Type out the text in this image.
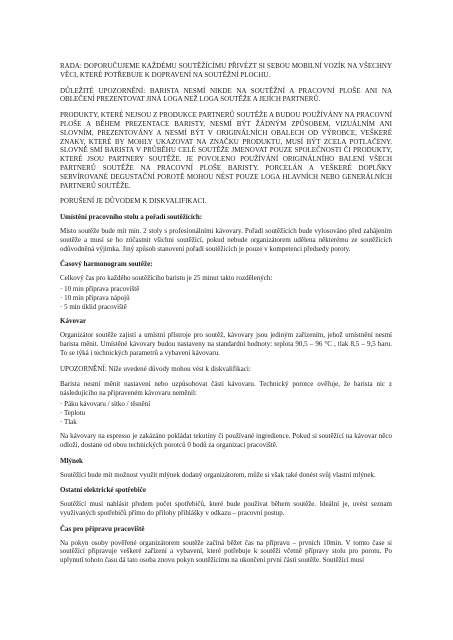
RADA: DOPORUČUJEME KAŽDÉMU SOUTĚŽÍCÍMU PŘIVÉZT SI SEBOU MOBILNÍ VOZÍK NA VŠECHNY VĚCI, KTERÉ POTŘEBUJE K DOPRAVENÍ NA SOUTĚŽNÍ PLOCHU.

DŮLEŽITÉ UPOZORNĚNÍ: BARISTA NESMÍ NIKDE NA SOUTĚŽNÍ A PRACOVNÍ PLOŠE ANI NA OBLEČENÍ PREZENTOVAT JINÁ LOGA NEŽ LOGA SOUTĚŽE A JEJÍCH PARTNERŮ.

PRODUKTY, KTERÉ NEJSOU Z PRODUKCE PARTNERŮ SOUTĚŽE A BUDOU POUŽÍVÁNY NA PRACOVNÍ PLOŠE A BĚHEM PREZENTACE BARISTY, NESMÍ BÝT ŽÁDNÝM ZPŮSOBEM, VIZUÁLNÍM ANI SLOVNÍM, PREZENTOVÁNY A NESMÍ BÝT V ORIGINÁLNÍCH OBALECH OD VÝROBCE, VEŠKERÉ ZNAKY, KTERÉ BY MOHLY UKAZOVAT NA ZNAČKU PRODUKTU, MUSÍ BÝT ZCELA POTLAČENY. SLOVNĚ SMÍ BARISTA V PRŮBĚHU CELÉ SOUTĚŽE JMENOVAT POUZE SPOLEČNOSTI ČI PRODUKTY, KTERÉ JSOU PARTNERY SOUTĚŽE. JE POVOLENO POUŽÍVÁNÍ ORIGINÁLNÍHO BALENÍ VŠECH PARTNERŮ SOUTĚŽE NA PRACOVNÍ PLOŠE BARISTY. PORCELÁN A VEŠKERÉ DOPLŇKY SERVÍROVANÉ DEGUSTAČNÍ POROTĚ MOHOU NÉST POUZE LOGA HLAVNÍCH NEBO GENERÁLNÍCH PARTNERŮ SOUTĚŽE.

PORUŠENÍ JE DŮVODEM K DISKVALIFIKACI.

Umístění pracovního stolu a pořadí soutěžících:

Místo soutěže bude mít min. 2 stoly s profesionálními kávovary. Pořadí soutěžících bude vylosováno před zahájením soutěže a musí se ho zúčastnit všichni soutěžící, pokud nebude organizátorem udělena některému ze soutěžících odůvodněná výjimka. Jiný způsob stanovení pořadí soutěžících je pouze v kompetenci předsedy poroty.

Časový harmonogram soutěže:

Celkový čas pro každého soutěžícího baristu je 25 minut takto rozdělených:

· 10 min příprava pracoviště
· 10 min příprava nápojů
· 5 min úklid pracoviště
Kávovar

Organizátor soutěže zajistí a umístní přístroje pro soutěž, kávovary jsou jediným zařízením, jehož umístnění nesmí barista měnit. Umístěné kávovary budou nastaveny na standardní hodnoty: teplota 90,5 – 96 °C , tlak 8,5 – 9,5 baru. To se týká i technických parametrů a vybavení kávovaru.

UPOZORNĚNÍ: Níže uvedené důvody mohou vést k diskvalifikaci:

Barista nesmí měnit nastavení nebo uzpůsobovat části kávovaru. Technický porotce ověřuje, že barista nic z následujícího na připraveném kávovaru neměnil:

· Páku kávovaru / sítko / těsnění
· Teplotu
· Tlak

Na kávovary na espresso je zakázáno pokládat tekutiny či používané ingredience. Pokud si soutěžící na kávovar něco odloží, dostane od obou technických porotců 0 bodů za organizaci pracoviště.

Mlýnek

Soutěžící bude mít možnost využít mlýnek dodaný organizátorem, může si však také donést svůj vlastní mlýnek.

Ostatní elektrické spotřebiče

Soutěžící musí nahlásit předem počet spotřebičů, které bude používat během soutěže. Ideální je, uvést seznam využívaných spotřebičů přímo do přílohy přihlášky v odkazu – pracovní postup.

Čas pro přípravu pracoviště

Na pokyn osoby pověřené organizátorem soutěže začíná běžet čas na přípravu – prvních 10min. V tomto čase si soutěžící připravuje veškeré zařízení a vybavení, které potřebuje k soutěži včetně přípravy stolu pro porotu. Po uplynutí tohoto času dá tato osoba znovu pokyn soutěžícímu na ukončení první části soutěže. Soutěžící musí
